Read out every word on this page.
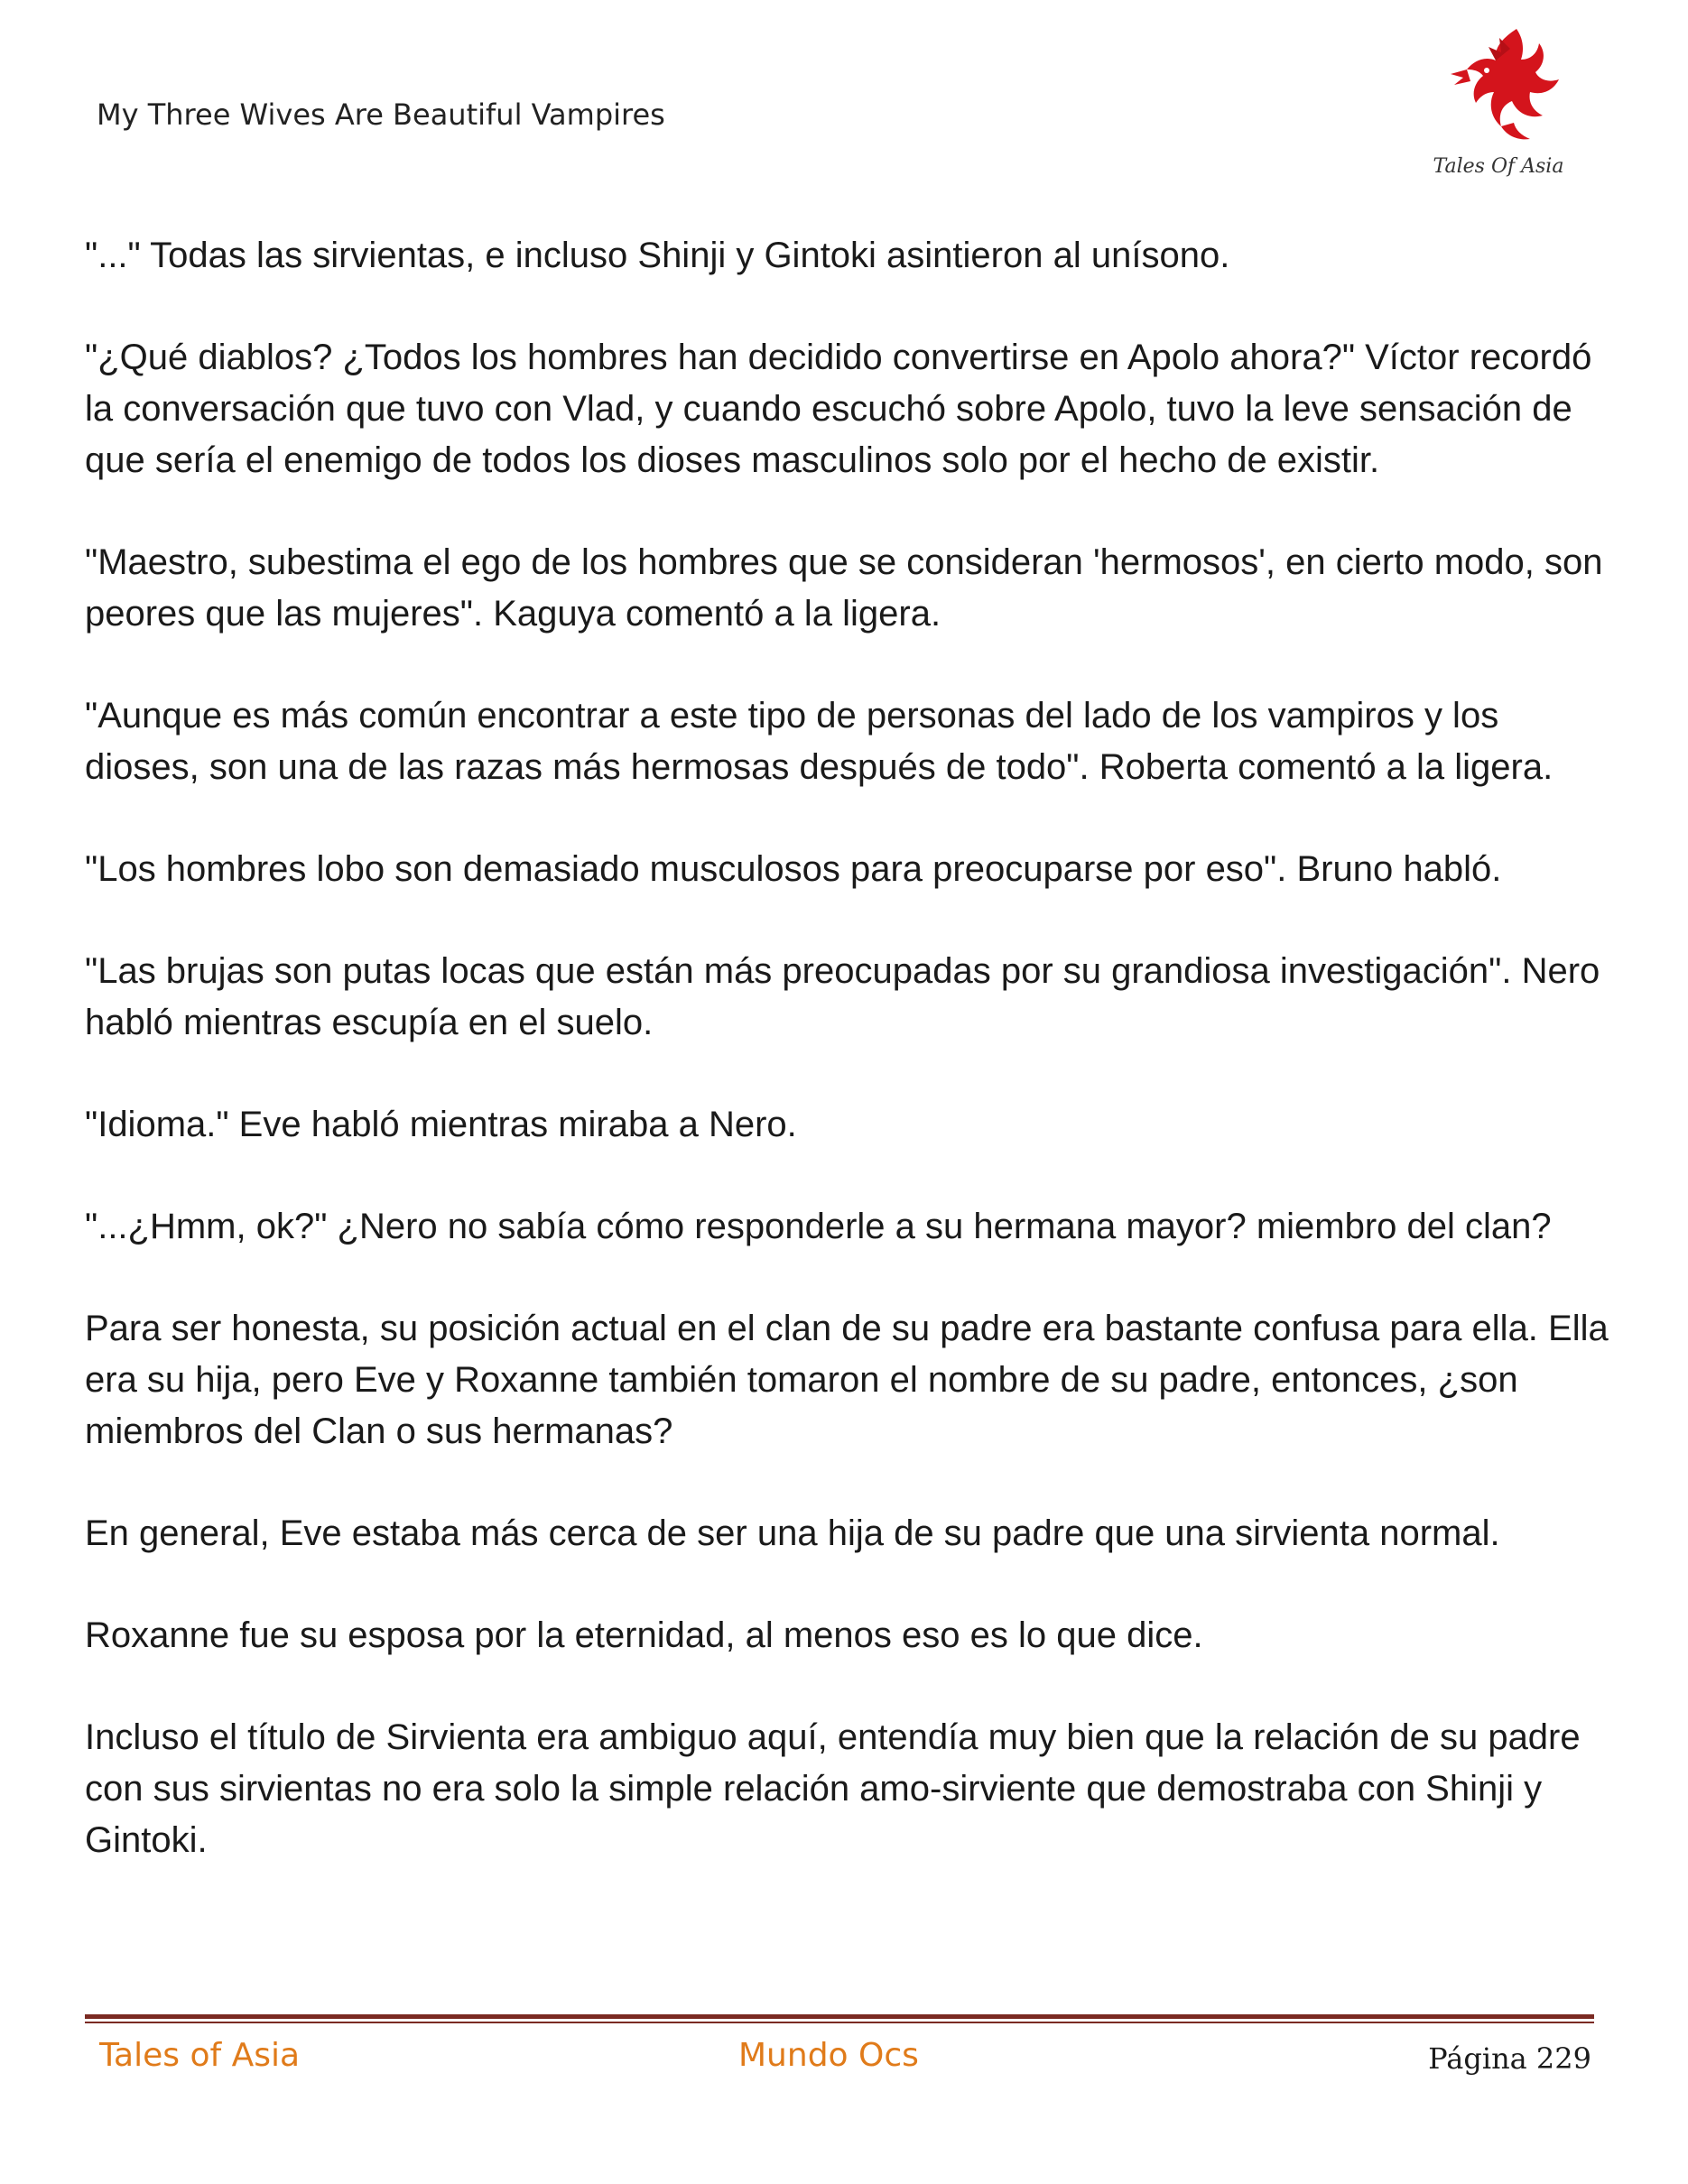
My Three Wives Are Beautiful Vampires
Tales Of Asia

"..." Todas las sirvientas, e incluso Shinji y Gintoki asintieron al unísono.

"¿Qué diablos? ¿Todos los hombres han decidido convertirse en Apolo ahora?" Víctor recordó la conversación que tuvo con Vlad, y cuando escuchó sobre Apolo, tuvo la leve sensación de que sería el enemigo de todos los dioses masculinos solo por el hecho de existir.

"Maestro, subestima el ego de los hombres que se consideran 'hermosos', en cierto modo, son peores que las mujeres". Kaguya comentó a la ligera.

"Aunque es más común encontrar a este tipo de personas del lado de los vampiros y los dioses, son una de las razas más hermosas después de todo". Roberta comentó a la ligera.

"Los hombres lobo son demasiado musculosos para preocuparse por eso". Bruno habló.

"Las brujas son putas locas que están más preocupadas por su grandiosa investigación". Nero habló mientras escupía en el suelo.

"Idioma." Eve habló mientras miraba a Nero.

"...¿Hmm, ok?" ¿Nero no sabía cómo responderle a su hermana mayor? miembro del clan?

Para ser honesta, su posición actual en el clan de su padre era bastante confusa para ella. Ella era su hija, pero Eve y Roxanne también tomaron el nombre de su padre, entonces, ¿son miembros del Clan o sus hermanas?

En general, Eve estaba más cerca de ser una hija de su padre que una sirvienta normal.

Roxanne fue su esposa por la eternidad, al menos eso es lo que dice.

Incluso el título de Sirvienta era ambiguo aquí, entendía muy bien que la relación de su padre con sus sirvientas no era solo la simple relación amo-sirviente que demostraba con Shinji y Gintoki.

Tales of Asia	Mundo Ocs	Página 229
